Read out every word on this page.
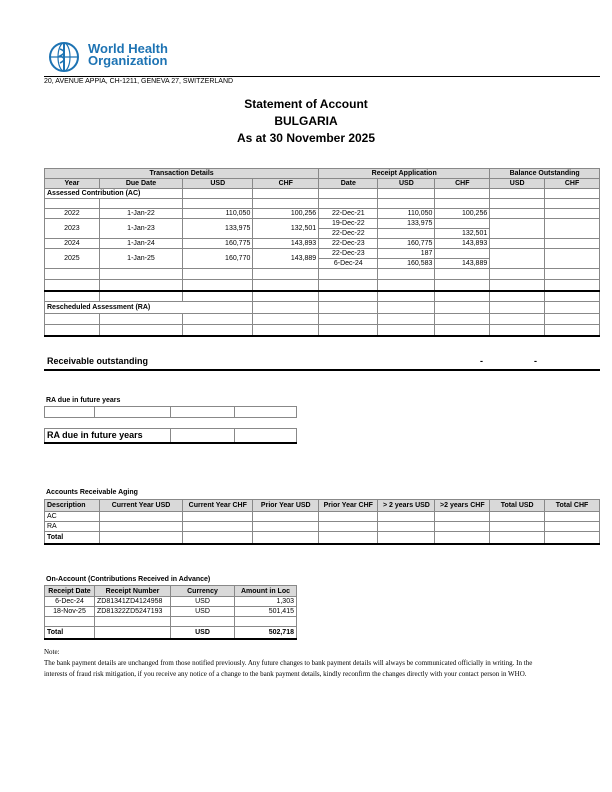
World Health
Organization
20, AVENUE APPIA, CH-1211, GENEVA 27, SWITZERLAND
Statement of Account
BULGARIA
As at 30 November 2025
Transaction Details				Receipt Application			Balance Outstanding	
Year	Due Date	USD	CHF	Date	USD	CHF	USD	CHF
Assessed Contribution (AC)								

2022	1-Jan-22	110,050	100,256	22-Dec-21	110,050	100,256		
2023	1-Jan-23	133,975	132,501	19-Dec-22	133,975			
				22-Dec-22		132,501		
2024	1-Jan-24	160,775	143,893	22-Dec-23	160,775	143,893		
2025	1-Jan-25	160,770	143,889	22-Dec-23	187			
				6-Dec-24	160,583	143,889		

Rescheduled Assessment (RA)								

Receivable outstanding	-	-
RA due in future years

RA due in future years		
Accounts Receivable Aging
Description	Current Year USD	Current Year CHF	Prior Year USD	Prior Year CHF	> 2 years USD	>2 years CHF	Total USD	Total CHF
AC								
RA								
Total								
On-Account (Contributions Received in Advance)
Receipt Date	Receipt Number	Currency	Amount in Loc
6-Dec-24	ZD81341ZD4124958	USD	1,303
18-Nov-25	ZD81322ZD5247193	USD	501,415

Total		USD	502,718
Note:
The bank payment details are unchanged from those notified previously. Any future changes to bank payment details will always be communicated officially in writing. In the interests of fraud risk mitigation, if you receive any notice of a change to the bank payment details, kindly reconfirm the changes directly with your contact person in WHO.
